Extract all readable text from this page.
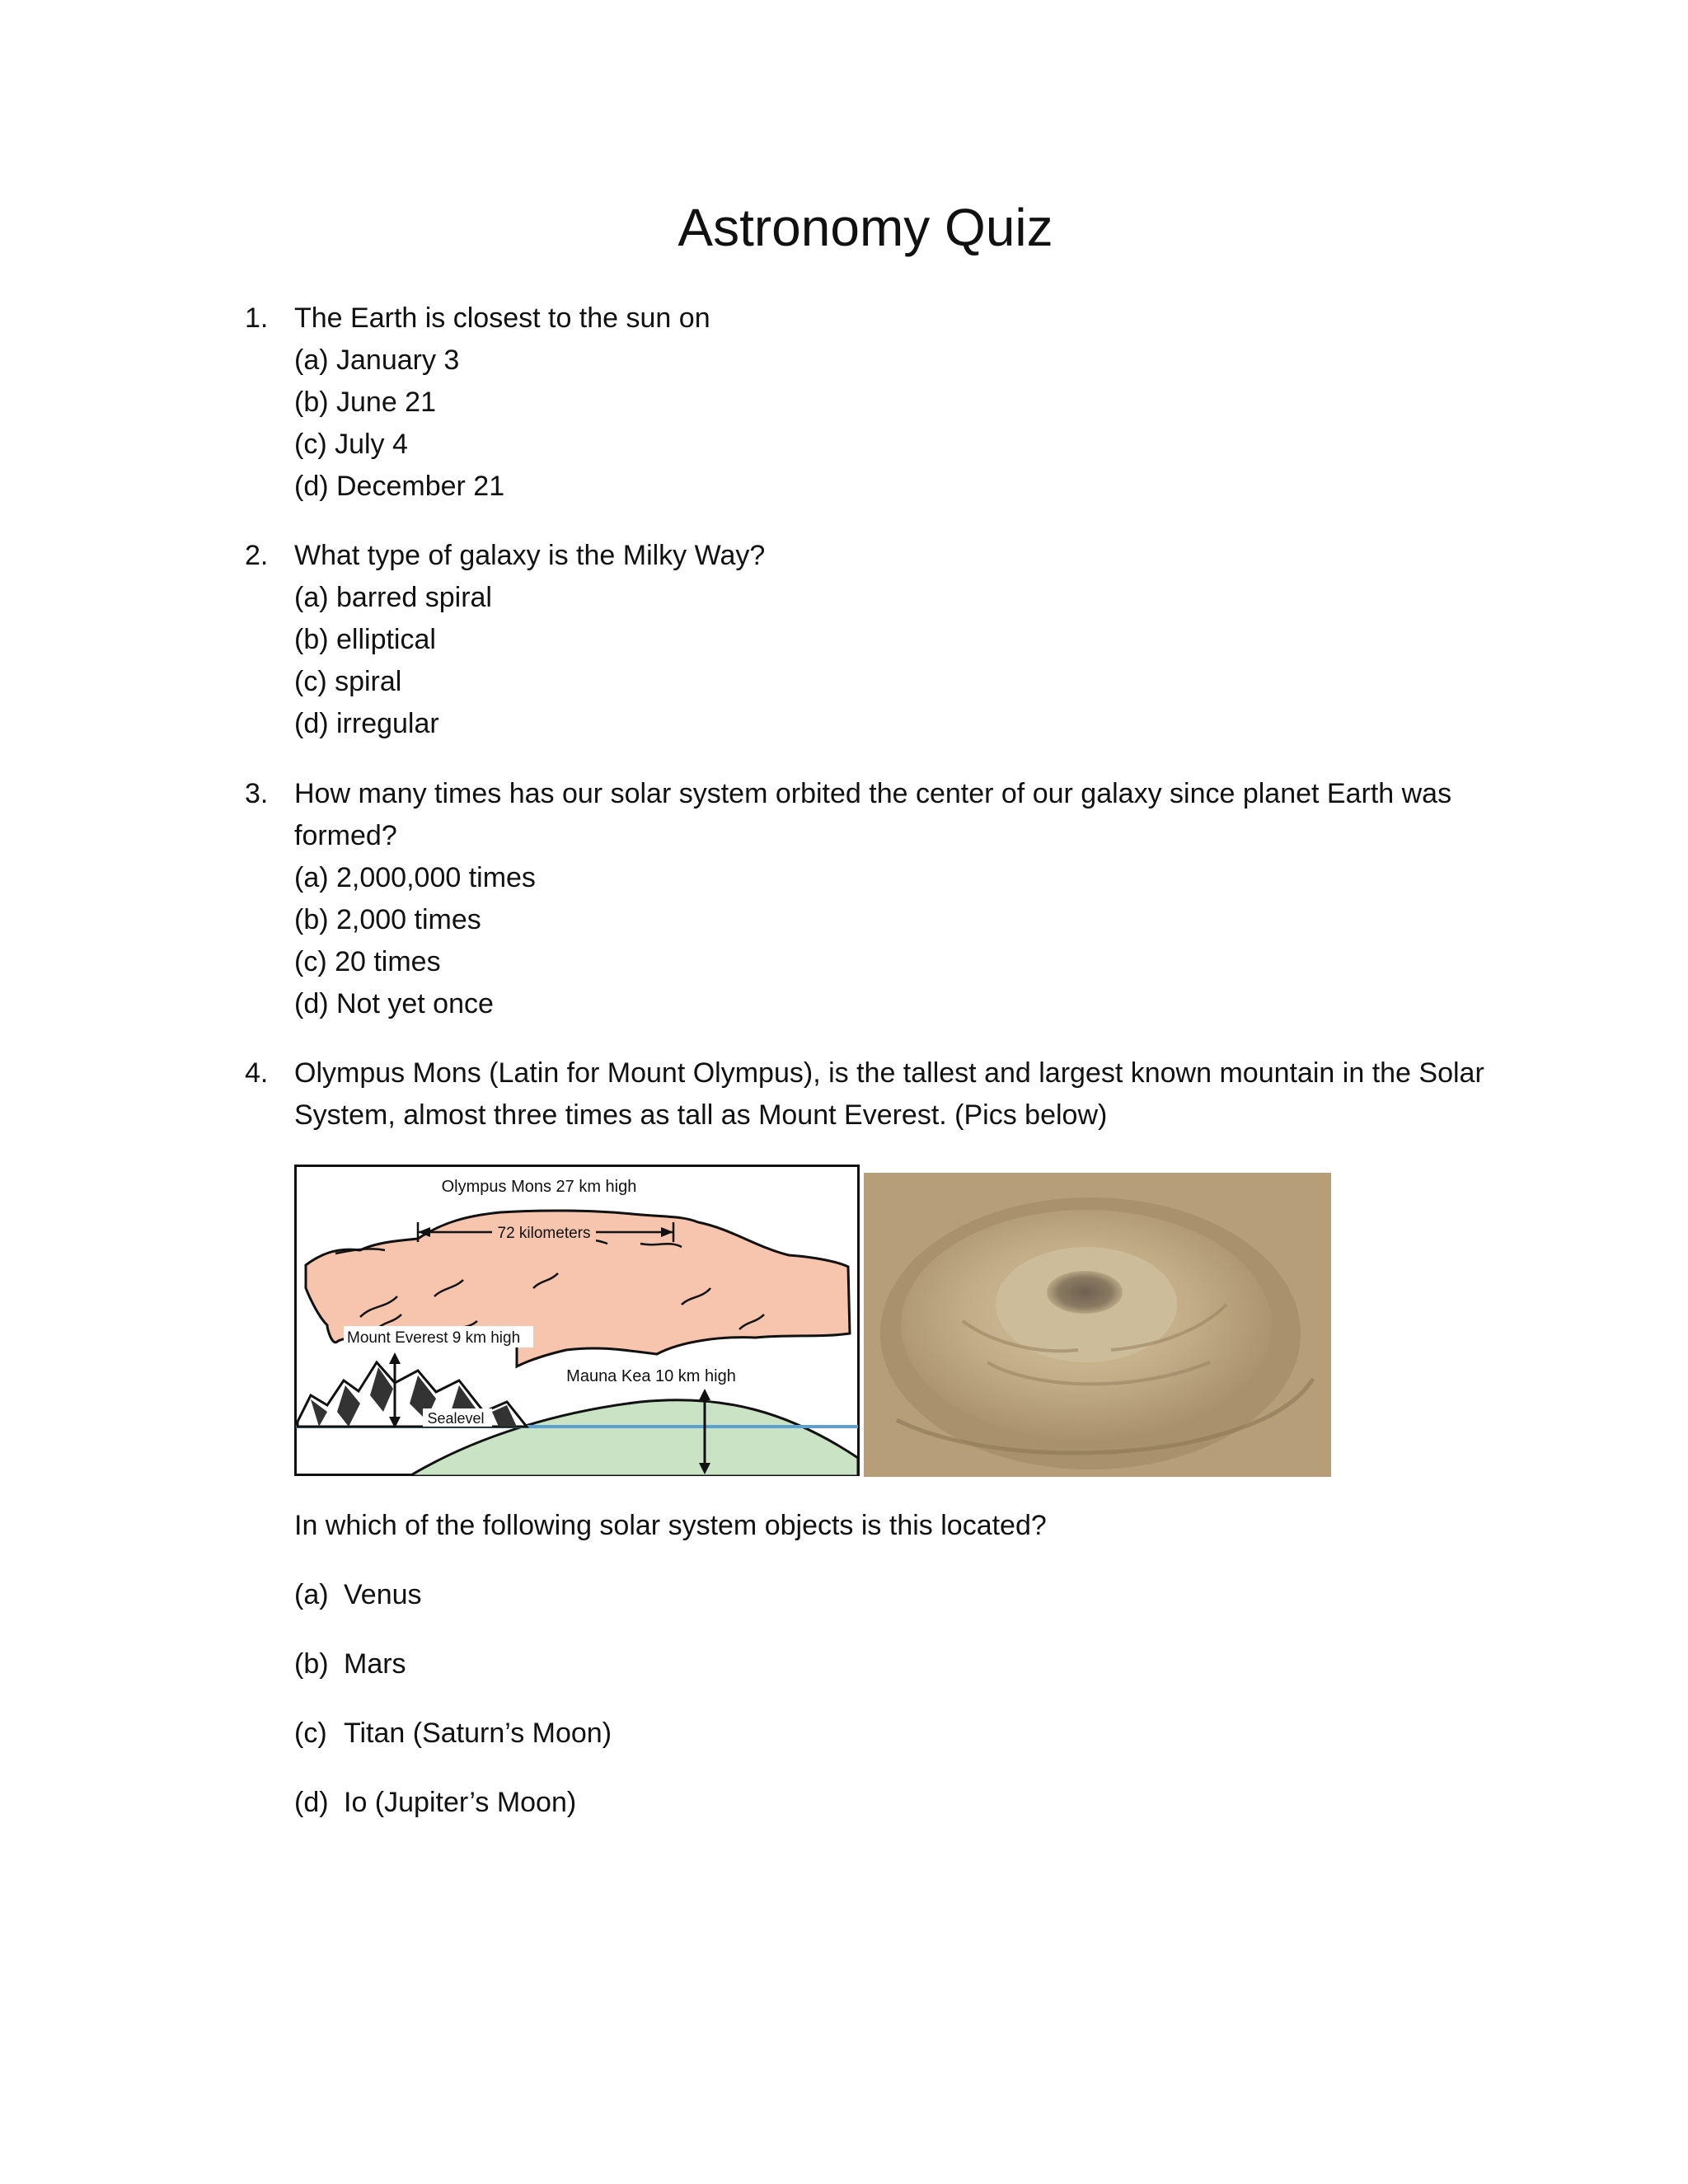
Astronomy Quiz
1. The Earth is closest to the sun on
(a) January 3
(b) June 21
(c) July 4
(d) December 21
2. What type of galaxy is the Milky Way?
(a) barred spiral
(b) elliptical
(c) spiral
(d) irregular
3. How many times has our solar system orbited the center of our galaxy since planet Earth was
formed?
(a) 2,000,000 times
(b) 2,000 times
(c) 20 times
(d) Not yet once
4. Olympus Mons (Latin for Mount Olympus), is the tallest and largest known mountain in the Solar
System, almost three times as tall as Mount Everest. (Pics below)
72 kilometers
Olympus Mons 27 km high
Mauna Kea 10 km high
Mount Everest 9 km high
Sealevel
In which of the following solar system objects is this located?
(a) Venus
(b) Mars
(c) Titan (Saturn’s Moon)
(d) Io (Jupiter’s Moon)
